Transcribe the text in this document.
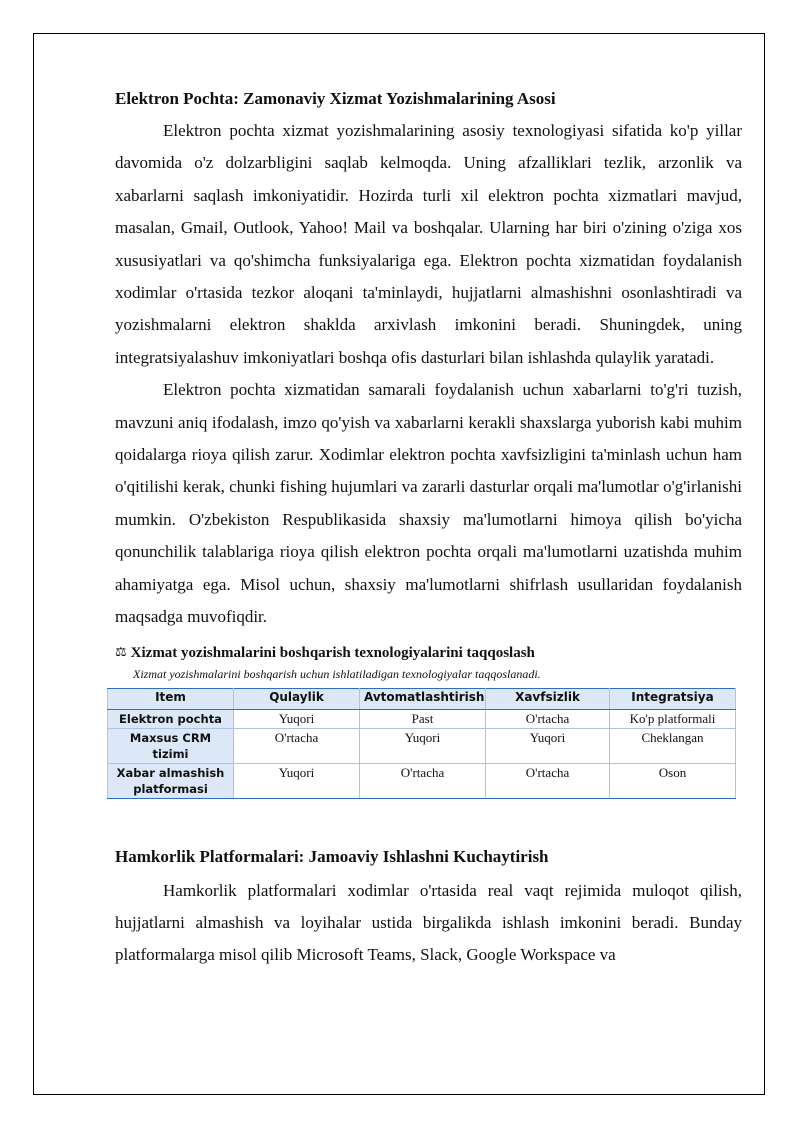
Elektron Pochta: Zamonaviy Xizmat Yozishmalarining Asosi

Elektron pochta xizmat yozishmalarining asosiy texnologiyasi sifatida ko'p yillar davomida o'z dolzarbligini saqlab kelmoqda. Uning afzalliklari tezlik, arzonlik va xabarlarni saqlash imkoniyatidir. Hozirda turli xil elektron pochta xizmatlari mavjud, masalan, Gmail, Outlook, Yahoo! Mail va boshqalar. Ularning har biri o'zining o'ziga xos xususiyatlari va qo'shimcha funksiyalariga ega. Elektron pochta xizmatidan foydalanish xodimlar o'rtasida tezkor aloqani ta'minlaydi, hujjatlarni almashishni osonlashtiradi va yozishmalarni elektron shaklda arxivlash imkonini beradi. Shuningdek, uning integratsiyalashuv imkoniyatlari boshqa ofis dasturlari bilan ishlashda qulaylik yaratadi.

Elektron pochta xizmatidan samarali foydalanish uchun xabarlarni to'g'ri tuzish, mavzuni aniq ifodalash, imzo qo'yish va xabarlarni kerakli shaxslarga yuborish kabi muhim qoidalarga rioya qilish zarur. Xodimlar elektron pochta xavfsizligini ta'minlash uchun ham o'qitilishi kerak, chunki fishing hujumlari va zararli dasturlar orqali ma'lumotlar o'g'irlanishi mumkin. O'zbekiston Respublikasida shaxsiy ma'lumotlarni himoya qilish bo'yicha qonunchilik talablariga rioya qilish elektron pochta orqali ma'lumotlarni uzatishda muhim ahamiyatga ega. Misol uchun, shaxsiy ma'lumotlarni shifrlash usullaridan foydalanish maqsadga muvofiqdir.

⚖ Xizmat yozishmalarini boshqarish texnologiyalarini taqqoslash
Xizmat yozishmalarini boshqarish uchun ishlatiladigan texnologiyalar taqqoslanadi.
Item	Qulaylik	Avtomatlashtirish	Xavfsizlik	Integratsiya
Elektron pochta	Yuqori	Past	O'rtacha	Ko'p platformali
Maxsus CRM tizimi	O'rtacha	Yuqori	Yuqori	Cheklangan
Xabar almashish platformasi	Yuqori	O'rtacha	O'rtacha	Oson
Hamkorlik Platformalari: Jamoaviy Ishlashni Kuchaytirish

Hamkorlik platformalari xodimlar o'rtasida real vaqt rejimida muloqot qilish, hujjatlarni almashish va loyihalar ustida birgalikda ishlash imkonini beradi. Bunday platformalarga misol qilib Microsoft Teams, Slack, Google Workspace va
